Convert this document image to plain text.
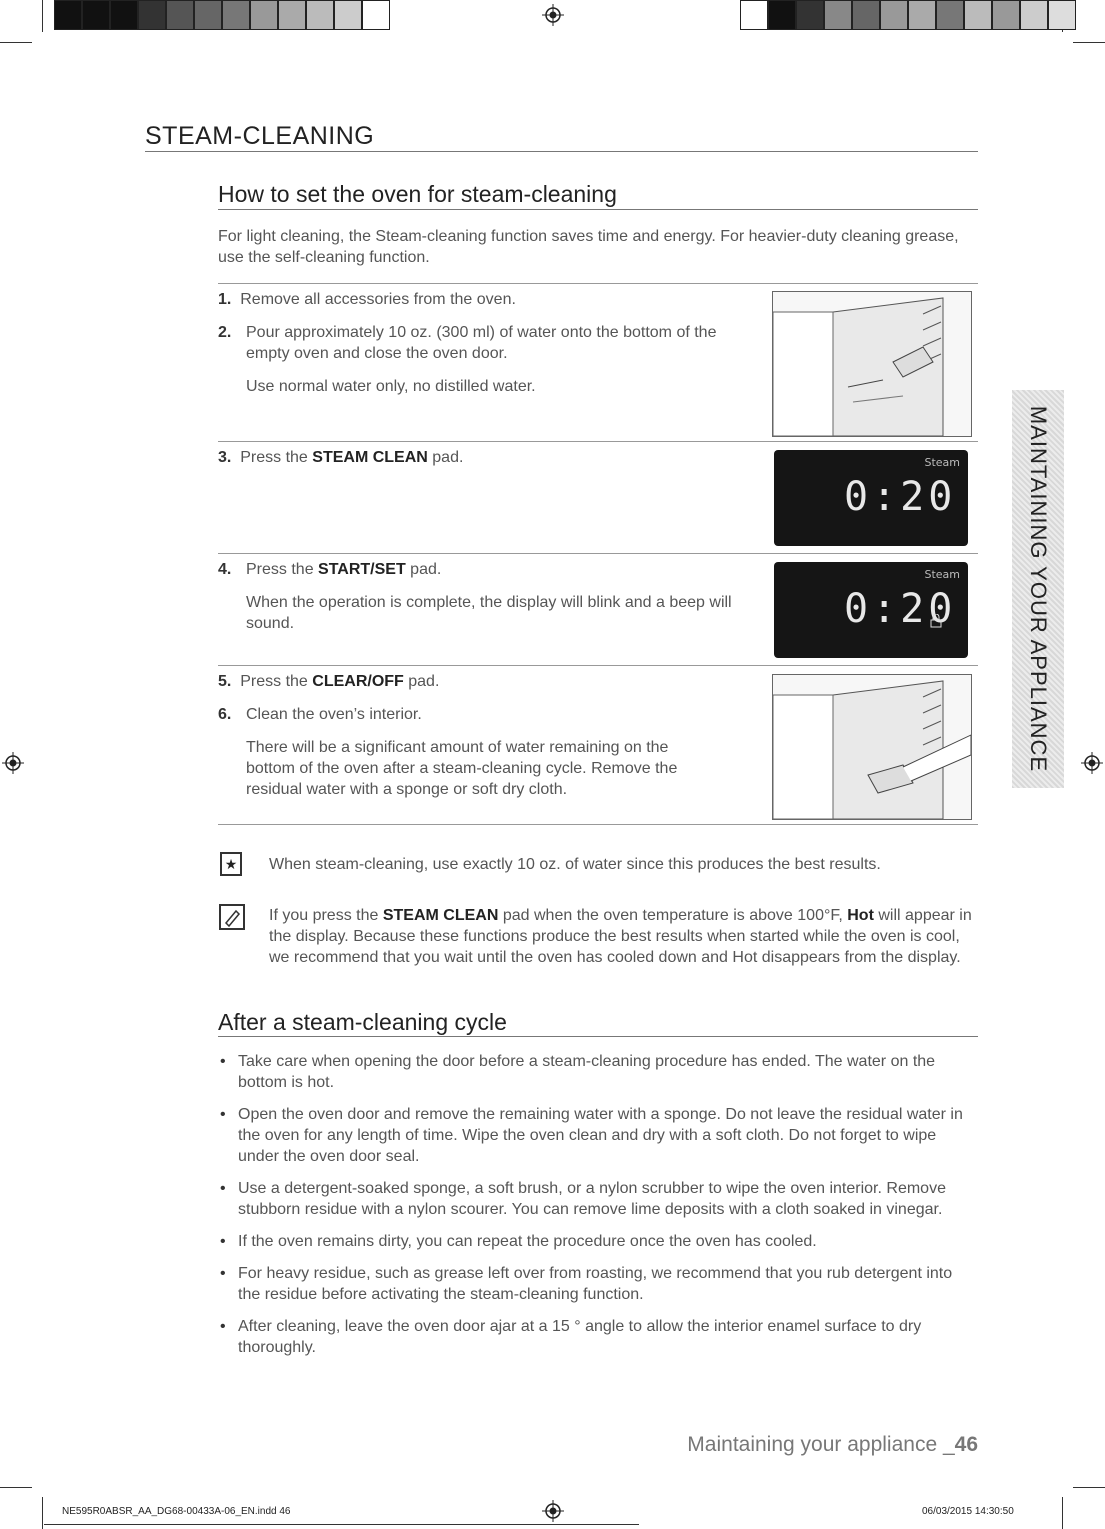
STEAM-CLEANING
How to set the oven for steam-cleaning
For light cleaning, the Steam-cleaning function saves time and energy. For heavier-duty cleaning grease, use the self-cleaning function.
1. Remove all accessories from the oven.
2. Pour approximately 10 oz. (300 ml) of water onto the bottom of the empty oven and close the oven door.
Use normal water only, no distilled water.
3. Press the STEAM CLEAN pad.	Steam
0:20
4. Press the START/SET pad.
When the operation is complete, the display will blink and a beep will sound.
Steam
0:20
5. Press the CLEAR/OFF pad.
6. Clean the oven’s interior.
There will be a significant amount of water remaining on the bottom of the oven after a steam-cleaning cycle. Remove the residual water with a sponge or soft dry cloth.
★ When steam-cleaning, use exactly 10 oz. of water since this produces the best results.
If you press the STEAM CLEAN pad when the oven temperature is above 100°F, Hot will appear in the display. Because these functions produce the best results when started while the oven is cool, we recommend that you wait until the oven has cooled down and Hot disappears from the display.
After a steam-cleaning cycle
• Take care when opening the door before a steam-cleaning procedure has ended. The water on the bottom is hot.
• Open the oven door and remove the remaining water with a sponge. Do not leave the residual water in the oven for any length of time. Wipe the oven clean and dry with a soft cloth. Do not forget to wipe under the oven door seal.
• Use a detergent-soaked sponge, a soft brush, or a nylon scrubber to wipe the oven interior. Remove stubborn residue with a nylon scourer. You can remove lime deposits with a cloth soaked in vinegar.
• If the oven remains dirty, you can repeat the procedure once the oven has cooled.
• For heavy residue, such as grease left over from roasting, we recommend that you rub detergent into the residue before activating the steam-cleaning function.
• After cleaning, leave the oven door ajar at a 15 ° angle to allow the interior enamel surface to dry thoroughly.
MAINTAINING YOUR APPLIANCE
Maintaining your appliance _46
NE595R0ABSR_AA_DG68-00433A-06_EN.indd 46	06/03/2015 14:30:50
